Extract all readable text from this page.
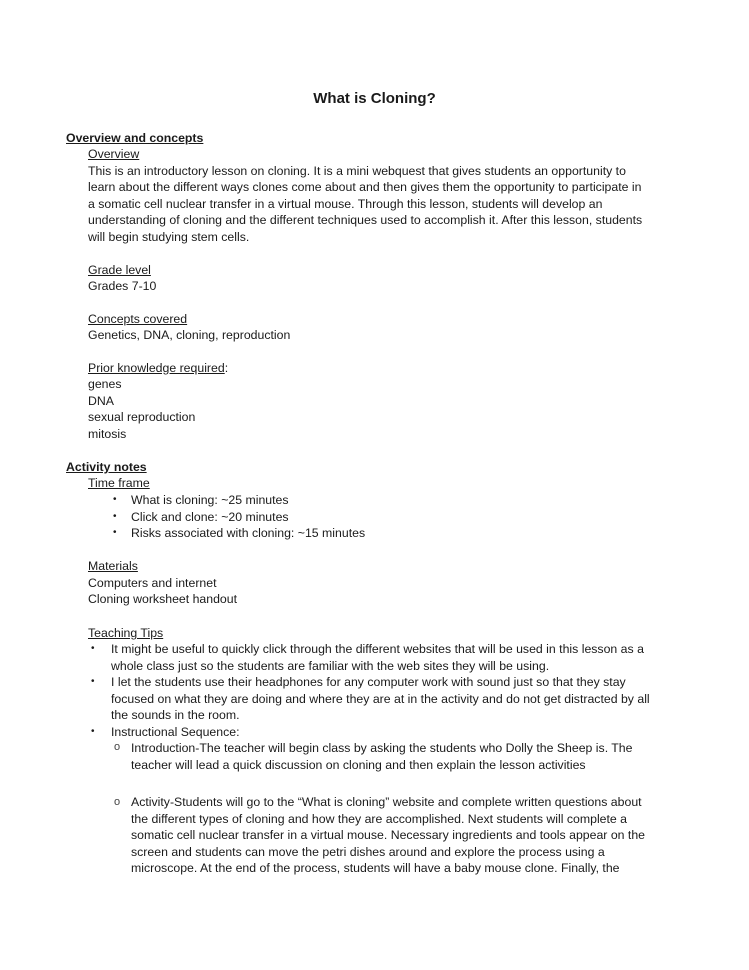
What is Cloning?
Overview and concepts
Overview
This is an introductory lesson on cloning. It is a mini webquest that gives students an opportunity to
learn about the different ways clones come about and then gives them the opportunity to participate in
a somatic cell nuclear transfer in a virtual mouse. Through this lesson, students will develop an
understanding of cloning and the different techniques used to accomplish it. After this lesson, students
will begin studying stem cells.
Grade level
Grades 7-10
Concepts covered
Genetics, DNA, cloning, reproduction
Prior knowledge required:
genes
DNA
sexual reproduction
mitosis
Activity notes
Time frame
• What is cloning: ~25 minutes
• Click and clone: ~20 minutes
• Risks associated with cloning: ~15 minutes
Materials
Computers and internet
Cloning worksheet handout
Teaching Tips
• It might be useful to quickly click through the different websites that will be used in this lesson as a
whole class just so the students are familiar with the web sites they will be using.
• I let the students use their headphones for any computer work with sound just so that they stay
focused on what they are doing and where they are at in the activity and do not get distracted by all
the sounds in the room.
• Instructional Sequence:
o Introduction-The teacher will begin class by asking the students who Dolly the Sheep is. The
teacher will lead a quick discussion on cloning and then explain the lesson activities
o Activity-Students will go to the “What is cloning” website and complete written questions about
the different types of cloning and how they are accomplished. Next students will complete a
somatic cell nuclear transfer in a virtual mouse. Necessary ingredients and tools appear on the
screen and students can move the petri dishes around and explore the process using a
microscope. At the end of the process, students will have a baby mouse clone. Finally, the
